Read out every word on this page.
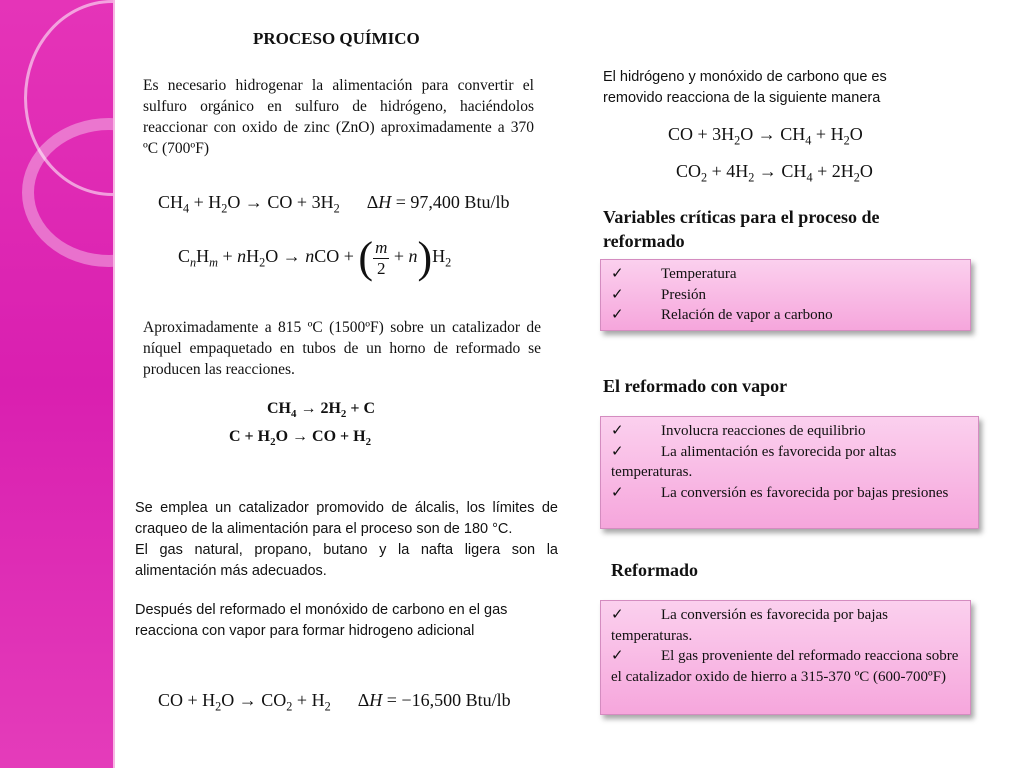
PROCESO QUÍMICO
Es necesario hidrogenar la alimentación para convertir el sulfuro orgánico en sulfuro de hidrógeno, haciéndolos reaccionar con oxido de zinc (ZnO) aproximadamente a 370 ºC (700ºF)
$CH_4 + H_2O$ → CO + $3H_2$      ΔH = 97,400 Btu/lb
$C_nH_m + nH_2O$ → nCO + ( $\frac{m}{2} + n)H_2$
Aproximadamente a 815 ºC (1500ºF) sobre un catalizador de níquel empaquetado en tubos de un horno de reformado se producen las reacciones.
$CH_4 \to 2H_2 + C$
$C + H_2O$ → CO + $H_2$
Se emplea un catalizador promovido de álcalis, los límites de craqueo de la alimentación para el proceso son de 180 °C.
El gas natural, propano, butano y la nafta ligera son la alimentación más adecuados.
Después del reformado el monóxido de carbono en el gas reacciona con vapor para formar hidrogeno adicional
CO + $H_2O \to CO_2 + H_2$      ΔH = −16,500 Btu/lb
El hidrógeno y monóxido de carbono que es removido reacciona de la siguiente manera
CO + $3H_2O \to CH_4 + H_2O$
$CO_2 + 4H_2 \to CH_4 + 2H_2O$
Variables críticas para el proceso de reformado
✓ Temperatura
✓ Presión
✓ Relación de vapor a carbono
El reformado con vapor
✓ Involucra reacciones de equilibrio
✓ La alimentación es favorecida por altas temperaturas.
✓ La conversión es favorecida por bajas presiones
Reformado
✓ La conversión es favorecida por bajas temperaturas.
✓ El gas proveniente del reformado reacciona sobre el catalizador oxido de hierro a 315-370 ºC (600-700ºF)
